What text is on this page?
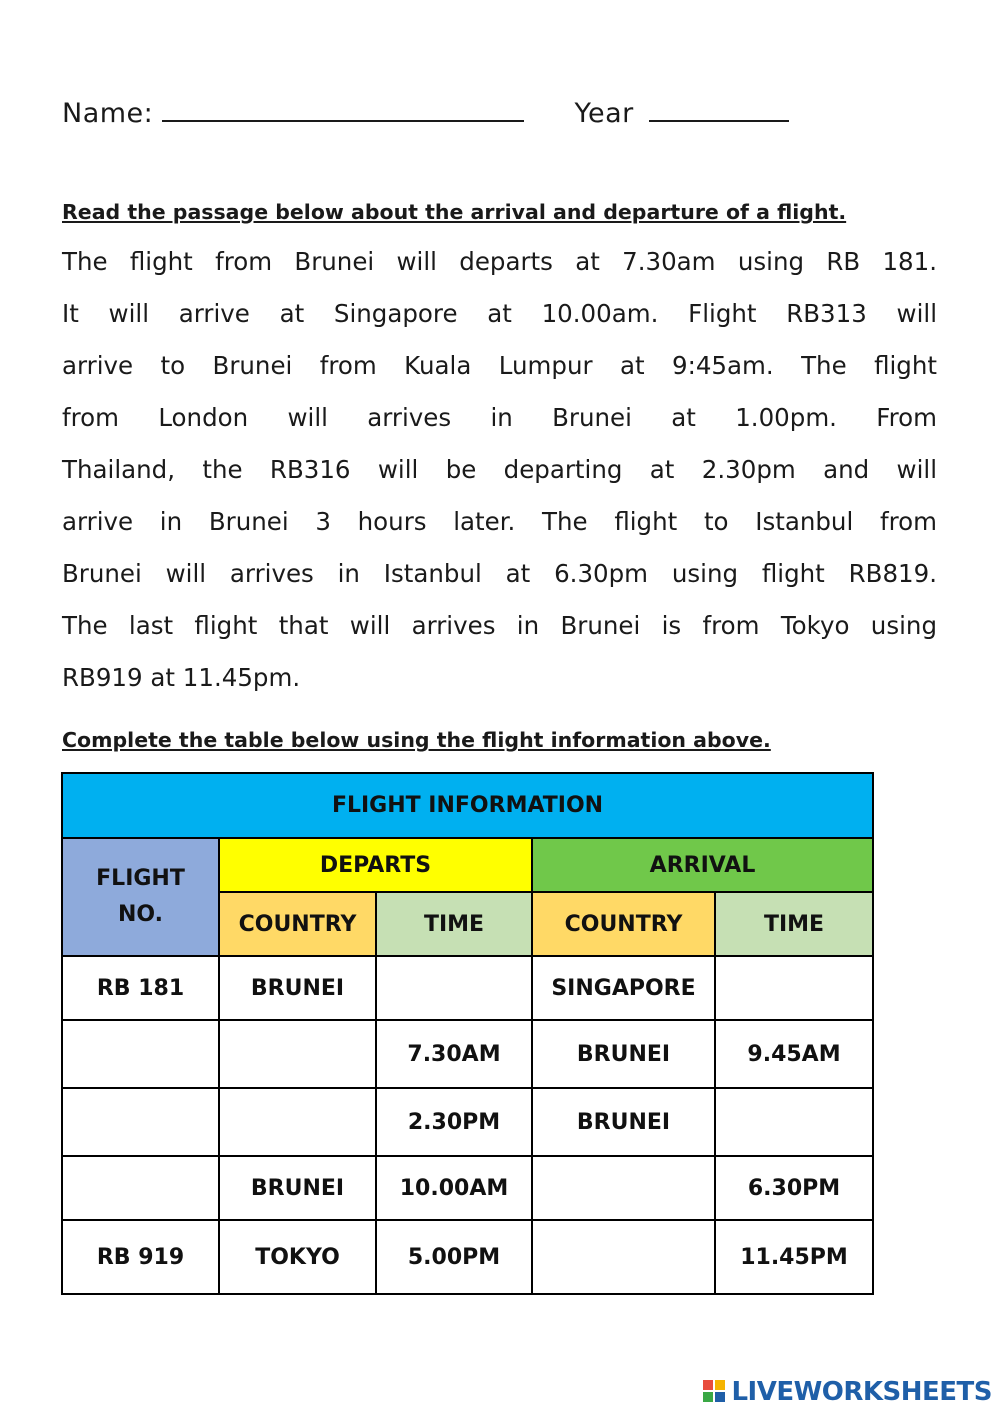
Name:	Year
Read the passage below about the arrival and departure of a flight.
The flight from Brunei will departs at 7.30am using RB 181.
It will arrive at Singapore at 10.00am. Flight RB313 will
arrive to Brunei from Kuala Lumpur at 9:45am. The flight
from London will arrives in Brunei at 1.00pm. From
Thailand, the RB316 will be departing at 2.30pm and will
arrive in Brunei 3 hours later. The flight to Istanbul from
Brunei will arrives in Istanbul at 6.30pm using flight RB819.
The last flight that will arrives in Brunei is from Tokyo using
RB919 at 11.45pm.
Complete the table below using the flight information above.
FLIGHT INFORMATION				
FLIGHT
NO.	DEPARTS		ARRIVAL	
	COUNTRY	TIME	COUNTRY	TIME
RB 181	BRUNEI		SINGAPORE	
		7.30AM	BRUNEI	9.45AM
		2.30PM	BRUNEI	
	BRUNEI	10.00AM		6.30PM
RB 919	TOKYO	5.00PM		11.45PM
LIVEWORKSHEETS
